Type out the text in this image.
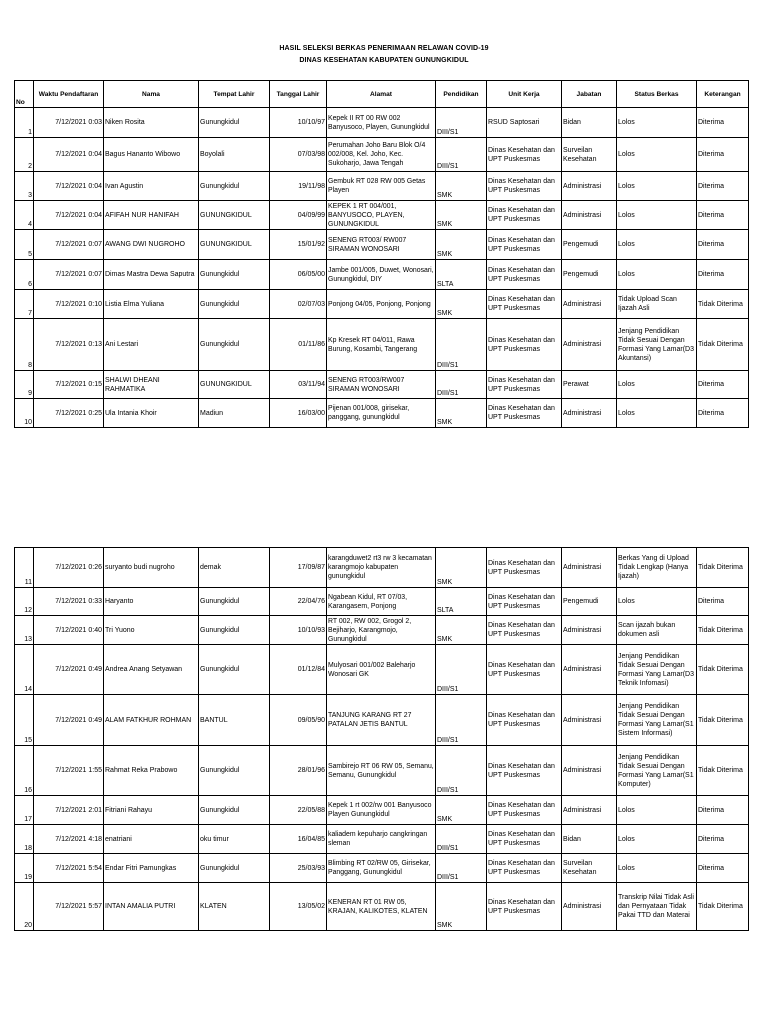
HASIL SELEKSI BERKAS PENERIMAAN RELAWAN COVID-19
DINAS KESEHATAN KABUPATEN GUNUNGKIDUL
No	Waktu Pendaftaran	Nama	Tempat Lahir	Tanggal Lahir	Alamat	Pendidikan	Unit Kerja	Jabatan	Status Berkas	Keterangan
1	7/12/2021 0:03	Niken Rosita	Gunungkidul	10/10/97	Kepek II RT 00 RW 002 Banyusoco, Playen, Gunungkidul	DIII/S1	RSUD Saptosari	Bidan	Lolos	Diterima
2	7/12/2021 0:04	Bagus Hananto Wibowo	Boyolali	07/03/98	Perumahan Joho Baru Blok O/4 002/008, Kel. Joho, Kec. Sukoharjo, Jawa Tengah	DIII/S1	Dinas Kesehatan dan UPT Puskesmas	Surveilan Kesehatan	Lolos	Diterima
3	7/12/2021 0:04	Ivan Agustin	Gunungkidul	19/11/98	Gembuk RT 028 RW 005 Getas Playen	SMK	Dinas Kesehatan dan UPT Puskesmas	Administrasi	Lolos	Diterima
4	7/12/2021 0:04	AFIFAH NUR HANIFAH	GUNUNGKIDUL	04/09/99	KEPEK 1 RT 004/001, BANYUSOCO, PLAYEN, GUNUNGKIDUL	SMK	Dinas Kesehatan dan UPT Puskesmas	Administrasi	Lolos	Diterima
5	7/12/2021 0:07	AWANG DWI NUGROHO	GUNUNGKIDUL	15/01/92	SENENG RT003/ RW007 SIRAMAN WONOSARI	SMK	Dinas Kesehatan dan UPT Puskesmas	Pengemudi	Lolos	Diterima
6	7/12/2021 0:07	Dimas Mastra Dewa Saputra	Gunungkidul	06/05/00	Jambe 001/005, Duwet, Wonosari, Gunungkidul, DIY	SLTA	Dinas Kesehatan dan UPT Puskesmas	Pengemudi	Lolos	Diterima
7	7/12/2021 0:10	Listia Elma Yuliana	Gunungkidul	02/07/03	Ponjong 04/05, Ponjong, Ponjong	SMK	Dinas Kesehatan dan UPT Puskesmas	Administrasi	Tidak Upload Scan Ijazah Asli	Tidak Diterima
8	7/12/2021 0:13	Ani Lestari	Gunungkidul	01/11/86	Kp Kresek RT 04/011, Rawa Burung, Kosambi, Tangerang	DIII/S1	Dinas Kesehatan dan UPT Puskesmas	Administrasi	Jenjang Pendidikan Tidak Sesuai Dengan Formasi Yang Lamar(D3 Akuntansi)	Tidak Diterima
9	7/12/2021 0:15	SHALWI DHEANI RAHMATIKA	GUNUNGKIDUL	03/11/94	SENENG RT003/RW007 SIRAMAN WONOSARI	DIII/S1	Dinas Kesehatan dan UPT Puskesmas	Perawat	Lolos	Diterima
10	7/12/2021 0:25	Ula Intania Khoir	Madiun	16/03/00	Pijenan 001/008, girisekar, panggang, gunungkidul	SMK	Dinas Kesehatan dan UPT Puskesmas	Administrasi	Lolos	Diterima
11	7/12/2021 0:26	suryanto budi nugroho	demak	17/09/87	karangduwet2 rt3 rw 3 kecamatan karangmojo kabupaten gunungkidul	SMK	Dinas Kesehatan dan UPT Puskesmas	Administrasi	Berkas Yang di Upload Tidak Lengkap (Hanya Ijazah)	Tidak Diterima
12	7/12/2021 0:33	Haryanto	Gunungkidul	22/04/76	Ngabean Kidul, RT 07/03, Karangasem, Ponjong	SLTA	Dinas Kesehatan dan UPT Puskesmas	Pengemudi	Lolos	Diterima
13	7/12/2021 0:40	Tri Yuono	Gunungkidul	10/10/93	RT 002, RW 002, Grogol 2, Bejiharjo, Karangmojo, Gunungkidul	SMK	Dinas Kesehatan dan UPT Puskesmas	Administrasi	Scan ijazah bukan dokumen asli	Tidak Diterima
14	7/12/2021 0:49	Andrea Anang Setyawan	Gunungkidul	01/12/84	Mulyosari 001/002 Baleharjo Wonosari GK	DIII/S1	Dinas Kesehatan dan UPT Puskesmas	Administrasi	Jenjang Pendidikan Tidak Sesuai Dengan Formasi Yang Lamar(D3 Teknik Infomasi)	Tidak Diterima
15	7/12/2021 0:49	ALAM FATKHUR ROHMAN	BANTUL	09/05/90	TANJUNG KARANG RT 27 PATALAN JETIS BANTUL	DIII/S1	Dinas Kesehatan dan UPT Puskesmas	Administrasi	Jenjang Pendidikan Tidak Sesuai Dengan Formasi Yang Lamar(S1 Sistem Informasi)	Tidak Diterima
16	7/12/2021 1:55	Rahmat Reka Prabowo	Gunungkidul	28/01/96	Sambirejo RT 06 RW 05, Semanu, Semanu, Gunungkidul	DIII/S1	Dinas Kesehatan dan UPT Puskesmas	Administrasi	Jenjang Pendidikan Tidak Sesuai Dengan Formasi Yang Lamar(S1 Komputer)	Tidak Diterima
17	7/12/2021 2:01	Fitriani Rahayu	Gunungkidul	22/05/88	Kepek 1 rt 002/rw 001 Banyusoco Playen Gunungkidul	SMK	Dinas Kesehatan dan UPT Puskesmas	Administrasi	Lolos	Diterima
18	7/12/2021 4:18	enatriani	oku timur	16/04/85	kaliadem kepuharjo cangkringan sleman	DIII/S1	Dinas Kesehatan dan UPT Puskesmas	Bidan	Lolos	Diterima
19	7/12/2021 5:54	Endar Fitri Pamungkas	Gunungkidul	25/03/93	Blimbing RT 02/RW 05, Girisekar, Panggang, Gunungkidul	DIII/S1	Dinas Kesehatan dan UPT Puskesmas	Surveilan Kesehatan	Lolos	Diterima
20	7/12/2021 5:57	INTAN AMALIA PUTRI	KLATEN	13/05/02	KENERAN RT 01 RW 05, KRAJAN, KALIKOTES, KLATEN	SMK	Dinas Kesehatan dan UPT Puskesmas	Administrasi	Transkrip Nilai Tidak Asli dan Pernyataan Tidak Pakai TTD dan Materai	Tidak Diterima
